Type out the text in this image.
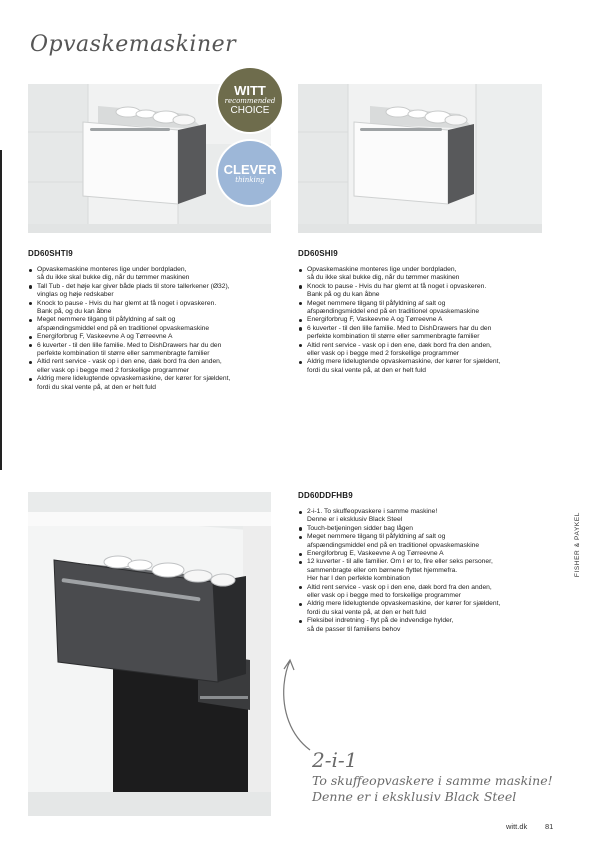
Opvaskemaskiner
WITT
recommended
CHOICE
CLEVER
thinking
DD60SHTI9
Opvaskemaskine monteres lige under bordpladen,
så du ikke skal bukke dig, når du tømmer maskinen
Tall Tub - det høje kar giver både plads til store tallerkener (Ø32),
vinglas og høje redskaber
Knock to pause - Hvis du har glemt at få noget i opvaskeren.
Bank på, og du kan åbne
Meget nemmere tilgang til påfyldning af salt og
afspændingsmiddel end på en traditionel opvaskemaskine
Energiforbrug F, Vaskeevne A og Tørreevne A
6 kuverter - til den lille familie. Med to DishDrawers har du den
perfekte kombination til større eller sammenbragte familier
Altid rent service - vask op i den ene, dæk bord fra den anden,
eller vask op i begge med 2 forskellige programmer
Aldrig mere lidelugtende opvaskemaskine, der kører for sjældent,
fordi du skal vente på, at den er helt fuld
DD60SHI9
Opvaskemaskine monteres lige under bordpladen,
så du ikke skal bukke dig, når du tømmer maskinen
Knock to pause - Hvis du har glemt at få noget i opvaskeren.
Bank på og du kan åbne
Meget nemmere tilgang til påfyldning af salt og
afspændingsmiddel end på en traditionel opvaskemaskine
Energiforbrug F, Vaskeevne A og Tørreevne A
6 kuverter - til den lille familie. Med to DishDrawers har du den
perfekte kombination til større eller sammenbragte familier
Altid rent service - vask op i den ene, dæk bord fra den anden,
eller vask op i begge med 2 forskellige programmer
Aldrig mere lidelugtende opvaskemaskine, der kører for sjældent,
fordi du skal vente på, at den er helt fuld
DD60DDFHB9
2-i-1. To skuffeopvaskere i samme maskine!
Denne er i eksklusiv Black Steel
Touch-betjeningen sidder bag lågen
Meget nemmere tilgang til påfyldning af salt og
afspændingsmiddel end på en traditionel opvaskemaskine
Energiforbrug E, Vaskeevne A og Tørreevne A
12 kuverter - til alle familier. Om I er to, fire eller seks personer,
sammenbragte eller om børnene flyttet hjemmefra.
Her har I den perfekte kombination
Altid rent service - vask op i den ene, dæk bord fra den anden,
eller vask op i begge med to forskellige programmer
Aldrig mere lidelugtende opvaskemaskine, der kører for sjældent,
fordi du skal vente på, at den er helt fuld
Fleksibel indretning - flyt på de indvendige hylder,
så de passer til familiens behov
FISHER & PAYKEL
2-i-1
To skuffeopvaskere i samme maskine!
Denne er i eksklusiv Black Steel
witt.dk 81
